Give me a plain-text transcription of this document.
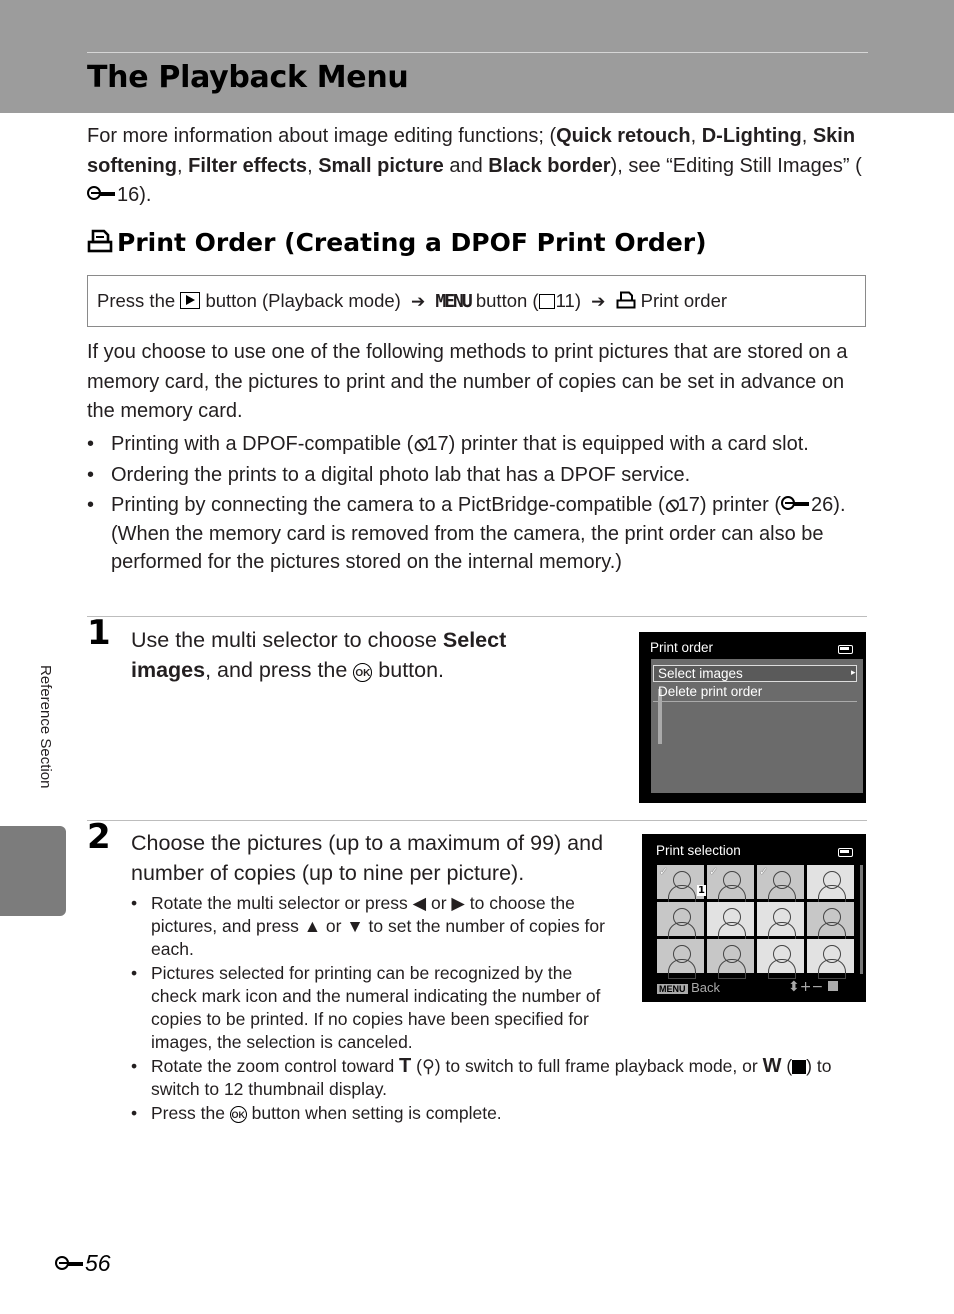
The Playback Menu

For more information about image editing functions; (Quick retouch, D-Lighting, Skin softening, Filter effects, Small picture and Black border), see “Editing Still Images” (
16).

Print Order (Creating a DPOF Print Order)
Press the button (Playback mode) ➔ MENU button ( 11) ➔ Print order

If you choose to use one of the following methods to print pictures that are stored on a memory card, the pictures to print and the number of copies can be set in advance on the memory card.

• Printing with a DPOF-compatible (⦸17) printer that is equipped with a card slot.
• Ordering the prints to a digital photo lab that has a DPOF service.
• Printing by connecting the camera to a PictBridge-compatible (⦸17) printer ( 26). (When the memory card is removed from the camera, the print order can also be performed for the pictures stored on the internal memory.)
1 Use the multi selector to choose Select images, and press the OK button.

Print order
Select images	▸
Delete print order
2 Choose the pictures (up to a maximum of 99) and number of copies (up to nine per picture).

• Rotate the multi selector or press ◀ or ▶ to choose the pictures, and press ▲ or ▼ to set the number of copies for each.
• Pictures selected for printing can be recognized by the check mark icon and the numeral indicating the number of copies to be printed. If no copies have been specified for images, the selection is canceled.
• Rotate the zoom control toward T (⚲) to switch to full frame playback mode, or W ( ) to switch to 12 thumbnail display.
• Press the OK button when setting is complete.
Print selection
✓
1
✓	✓
MENU Back	⬍+−
Reference Section
56
